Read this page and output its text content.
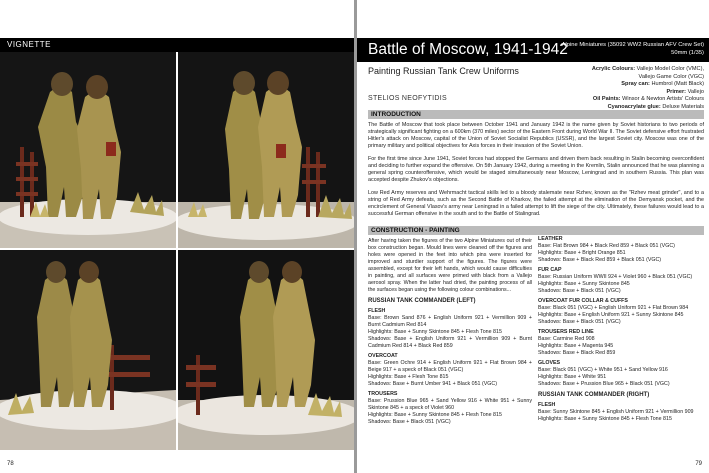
VIGNETTE
78
Battle of Moscow, 1941-1942
Alpine Miniatures (35092 WW2 Russian AFV Crew Set)
50mm (1/35)
Painting Russian Tank Crew Uniforms
STELIOS NEOFYTIDIS
Acrylic Colours: Vallejo Model Color (VMC),
Vallejo Game Color (VGC)
Spray can: Humbrol (Matt Black)
Primer: Vallejo
Oil Paints: Winsor & Newton Artists' Colours
Cyanoacrylate glue: Deluxe Materials
INTRODUCTION
The Battle of Moscow that took place between October 1941 and January 1942 is the name given by Soviet historians to two periods of strategically significant fighting on a 600km (370 miles) sector of the Eastern Front during World War II. The Soviet defensive effort frustrated Hitler's attack on Moscow, capital of the Union of Soviet Socialist Republics (USSR), and the largest Soviet city. Moscow was one of the primary military and political objectives for Axis forces in their invasion of the Soviet Union.
For the first time since June 1941, Soviet forces had stopped the Germans and driven them back resulting in Stalin becoming overconfident and deciding to further expand the offensive. On 5th January 1942, during a meeting in the Kremlin, Stalin announced that he was planning a general spring counteroffensive, which would be staged simultaneously near Moscow, Leningrad and in southern Russia. This plan was accepted despite Zhukov's objections.
Low Red Army reserves and Wehrmacht tactical skills led to a bloody stalemate near Rzhev, known as the "Rzhev meat grinder", and to a string of Red Army defeats, such as the Second Battle of Kharkov, the failed attempt at the elimination of the Demyansk pocket, and the encirclement of General Vlasov's army near Leningrad in a failed attempt to lift the siege of the city. Ultimately, these failures would lead to a successful German offensive in the south and to the Battle of Stalingrad.
CONSTRUCTION - PAINTING

After having taken the figures of the two Alpine Miniatures out of their box construction began. Mould lines were cleaned off the figures and holes were opened in the feet into which pins were inserted for improved and sturdier support of the figures. The figures were assembled, except for their left hands, which would cause difficulties in painting, and all surfaces were primed with black from a Vallejo aerosol spray. When the latter had dried, the painting process of all the surfaces began using the following colour combinations...

RUSSIAN TANK COMMANDER (LEFT)

FLESH

Base: Brown Sand 876 + English Uniform 921 + Vermillion 909 + Burnt Cadmium Red 814

Highlights: Base + Sunny Skintone 845 + Flesh Tone 815

Shadows: Base + English Uniform 921 + Vermillion 909 + Burnt Cadmium Red 814 + Black Red 859

OVERCOAT

Base: Green Ochre 914 + English Uniform 921 + Flat Brown 984 + Beige 917 + a speck of Black 051 (VGC)

Highlights: Base + Flesh Tone 815

Shadows: Base + Burnt Umber 941 + Black 051 (VGC)

TROUSERS

Base: Prussion Blue 965 + Sand Yellow 916 + White 951 + Sunny Skintone 845 + a speck of Violet 960

Highlights: Base + Sunny Skintone 845 + Flesh Tone 815

Shadows: Base + Black 051 (VGC)

LEATHER

Base: Flat Brown 984 + Black Red 859 + Black 051 (VGC)

Highlights: Base + Bright Orange 851

Shadows: Base + Black Red 859 + Black 051 (VGC)

FUR CAP

Base: Russian Uniform WWII 924 + Violet 960 + Black 051 (VGC)

Highlights: Base + Sunny Skintone 845

Shadows: Base + Black 051 (VGC)

OVERCOAT FUR COLLAR & CUFFS

Base: Black 051 (VGC) + English Uniform 921 + Flat Brown 984

Highlights: Base + English Uniform 921 + Sunny Skintone 845

Shadows: Base + Black 051 (VGC)

TROUSERS RED LINE

Base: Carmine Red 908

Highlights: Base + Magenta 945

Shadows: Base + Black Red 859

GLOVES

Base: Black 051 (VGC) + White 951 + Sand Yellow 916

Highlights: Base + White 951

Shadows: Base + Prussion Blue 965 + Black 051 (VGC)

RUSSIAN TANK COMMANDER (RIGHT)

FLESH

Base: Sunny Skintone 845 + English Uniform 921 + Vermillion 909

Highlights: Base + Sunny Skintone 845 + Flesh Tone 815

79
